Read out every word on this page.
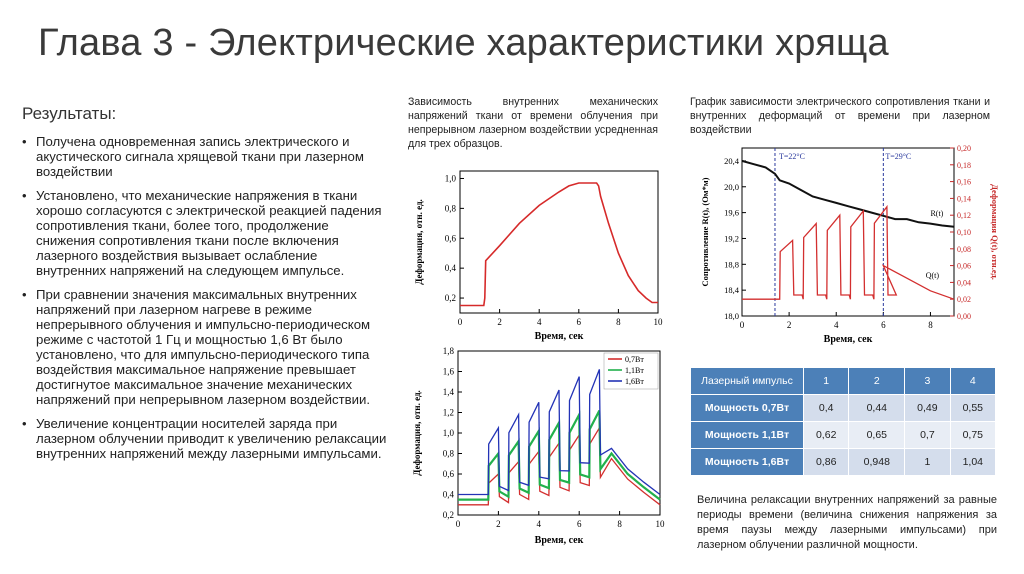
Глава 3 - Электрические характеристики хряща
Результаты:
• Получена одновременная запись электрического и акустического сигнала хрящевой ткани при лазерном воздействии
• Установлено, что механические напряжения в ткани хорошо согласуются с электрической реакцией падения сопротивления ткани, более того, продолжение снижения сопротивления ткани после включения лазерного воздействия вызывает ослабление внутренних напряжений на следующем импульсе.
• При сравнении значения максимальных внутренних напряжений при лазерном нагреве в режиме непрерывного облучения и импульсно-периодическом режиме с частотой 1 Гц и мощностью 1,6 Вт было установлено, что для импульсно-периодического типа воздействия максимальное напряжение превышает достигнутое максимальное значение механических напряжений при непрерывном лазерном воздействии.
• Увеличение концентрации носителей заряда при лазерном облучении приводит к увеличению релаксации внутренних напряжений между лазерными импульсами.
Зависимость внутренних механических напряжений ткани от времени облучения при непрерывном лазерном воздействии усредненная для трех образцов.
График зависимости электрического сопротивления ткани и внутренних деформаций от времени при лазерном воздействии
0	2	4	6	8	10
0,2
0,4
0,6
0,8
1,0
Время, сек
Деформация, отн. ед.
0	2	4	6	8	10
0,2
0,4
0,6
0,8
1,0
1,2
1,4
1,6
1,8
0,7Вт
1,1Вт
1,6Вт
Время, сек
Деформация, отн. ед.
0	2	4	6	8
18,0
18,4
18,8
19,2
19,6
20,0
20,4
0,00
0,02
0,04
0,06
0,08
0,10
0,12
0,14
0,16
0,18
0,20
T=22°C	T=29°C
R(t)
Q(t)
Время, сек
Сопротивление R(t), (Ом*м)	Деформация Q(t), отн.ед.
Лазерный импульс	1	2	3	4
Мощность 0,7Вт	0,4	0,44	0,49	0,55
Мощность 1,1Вт	0,62	0,65	0,7	0,75
Мощность 1,6Вт	0,86	0,948	1	1,04
Величина релаксации внутренних напряжений за равные периоды времени (величина снижения напряжения за время паузы между лазерными импульсами) при лазерном облучении различной мощности.
